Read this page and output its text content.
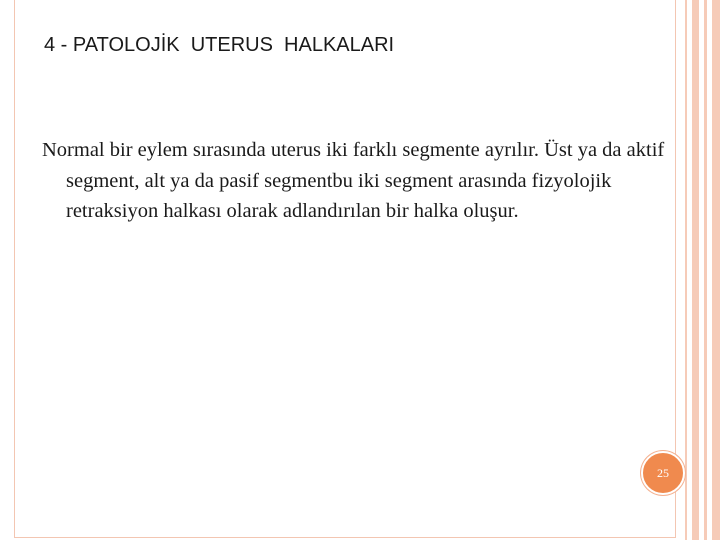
4 - PATOLOJİK  UTERUS  HALKALARI

Normal bir eylem sırasında uterus iki farklı segmente ayrılır. Üst ya da aktif segment, alt ya da pasif segmentbu iki segment arasında fizyolojik retraksiyon halkası olarak adlandırılan bir halka oluşur.

25
